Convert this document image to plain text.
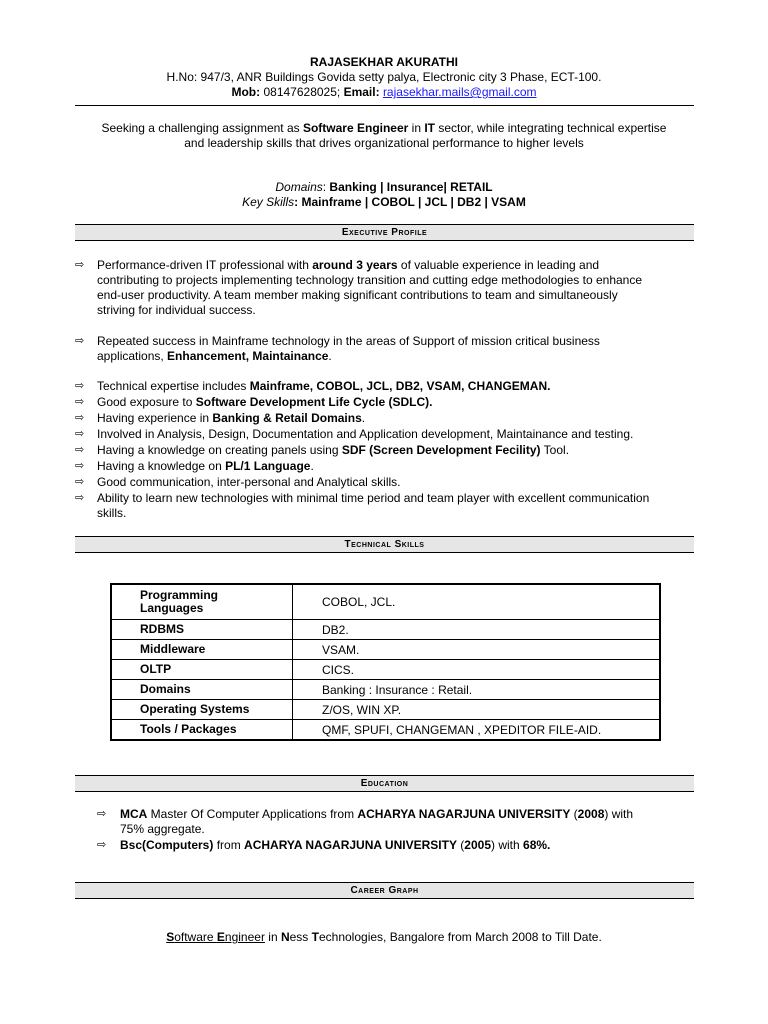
RAJASEKHAR AKURATHI
H.No: 947/3, ANR Buildings Govida setty palya, Electronic city 3 Phase, ECT-100.
Mob: 08147628025; Email: rajasekhar.mails@gmail.com
Seeking a challenging assignment as Software Engineer in IT sector, while integrating technical expertise
and leadership skills that drives organizational performance to higher levels
Domains: Banking | Insurance| RETAIL
Key Skills: Mainframe | COBOL | JCL | DB2 | VSAM
Executive Profile
⇨ Performance-driven IT professional with around 3 years of valuable experience in leading and
contributing to projects implementing technology transition and cutting edge methodologies to enhance
end-user productivity. A team member making significant contributions to team and simultaneously
striving for individual success.
⇨ Repeated success in Mainframe technology in the areas of Support of mission critical business
applications, Enhancement, Maintainance.
⇨ Technical expertise includes Mainframe, COBOL, JCL, DB2, VSAM, CHANGEMAN.
⇨ Good exposure to Software Development Life Cycle (SDLC).
⇨ Having experience in Banking & Retail Domains.
⇨ Involved in Analysis, Design, Documentation and Application development, Maintainance and testing.
⇨ Having a knowledge on creating panels using SDF (Screen Development Fecility) Tool.
⇨ Having a knowledge on PL/1 Language.
⇨ Good communication, inter-personal and Analytical skills.
⇨ Ability to learn new technologies with minimal time period and team player with excellent communication
skills.
Technical Skills
Programming
Languages	COBOL, JCL.
RDBMS	DB2.
Middleware	VSAM.
OLTP	CICS.
Domains	Banking : Insurance : Retail.
Operating Systems	Z/OS, WIN XP.
Tools / Packages	QMF, SPUFI, CHANGEMAN , XPEDITOR FILE-AID.
Education
⇨ MCA Master Of Computer Applications from ACHARYA NAGARJUNA UNIVERSITY (2008) with
75% aggregate.
⇨ Bsc(Computers) from ACHARYA NAGARJUNA UNIVERSITY (2005) with 68%.
Career Graph
Software Engineer in Ness Technologies, Bangalore from March 2008 to Till Date.
